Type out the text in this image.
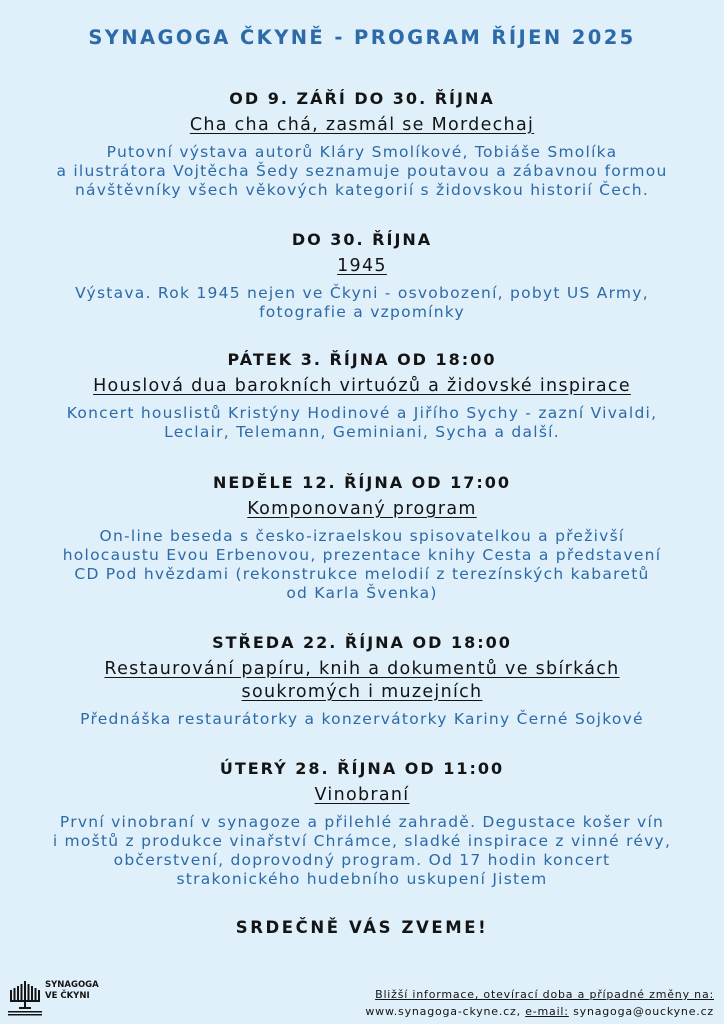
SYNAGOGA ČKYNĚ - PROGRAM ŘÍJEN 2025
OD 9. ZÁŘÍ DO 30. ŘÍJNA
Cha cha chá, zasmál se Mordechaj
Putovní výstava autorů Kláry Smolíkové, Tobiáše Smolíka
a ilustrátora Vojtěcha Šedy seznamuje poutavou a zábavnou formou
návštěvníky všech věkových kategorií s židovskou historií Čech.
DO 30. ŘÍJNA
1945
Výstava. Rok 1945 nejen ve Čkyni - osvobození, pobyt US Army,
fotografie a vzpomínky
PÁTEK 3. ŘÍJNA OD 18:00
Houslová dua barokních virtuózů a židovské inspirace
Koncert houslistů Kristýny Hodinové a Jiřího Sychy - zazní Vivaldi,
Leclair, Telemann, Geminiani, Sycha a další.
NEDĚLE 12. ŘÍJNA OD 17:00
Komponovaný program
On-line beseda s česko-izraelskou spisovatelkou a přeživší
holocaustu Evou Erbenovou, prezentace knihy Cesta a představení
CD Pod hvězdami (rekonstrukce melodií z terezínských kabaretů
od Karla Švenka)
STŘEDA 22. ŘÍJNA OD 18:00
Restaurování papíru, knih a dokumentů ve sbírkách
soukromých i muzejních
Přednáška restaurátorky a konzervátorky Kariny Černé Sojkové
ÚTERÝ 28. ŘÍJNA OD 11:00
Vinobraní
První vinobraní v synagoze a přilehlé zahradě. Degustace košer vín
i moštů z produkce vinařství Chrámce, sladké inspirace z vinné révy,
občerstvení, doprovodný program. Od 17 hodin koncert
strakonického hudebního uskupení Jistem
SRDEČNĚ VÁS ZVEME!
SYNAGOGA
VE ČKYNI	Bližší informace, otevírací doba a případné změny na:
www.synagoga-ckyne.cz, e-mail: synagoga@ouckyne.cz
